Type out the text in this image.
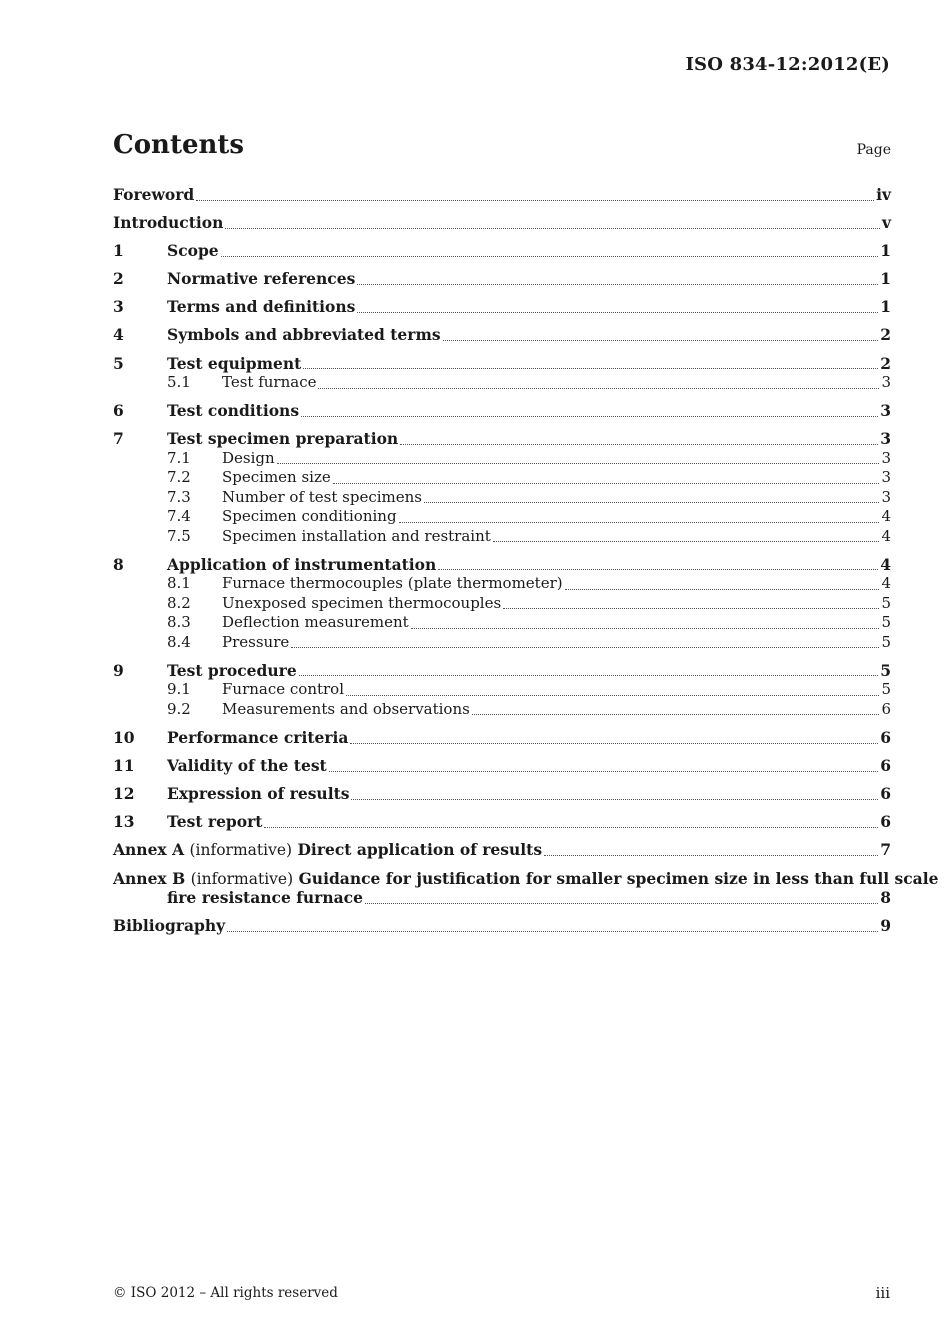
ISO 834-12:2012(E)
Contents	Page
Foreword	iv
Introduction	v
1	Scope	1
2	Normative references	1
3	Terms and definitions	1
4	Symbols and abbreviated terms	2
5	Test equipment	2
5.1	Test furnace	3
6	Test conditions	3
7	Test specimen preparation	3
7.1	Design	3
7.2	Specimen size	3
7.3	Number of test specimens	3
7.4	Specimen conditioning	4
7.5	Specimen installation and restraint	4
8	Application of instrumentation	4
8.1	Furnace thermocouples (plate thermometer)	4
8.2	Unexposed specimen thermocouples	5
8.3	Deflection measurement	5
8.4	Pressure	5
9	Test procedure	5
9.1	Furnace control	5
9.2	Measurements and observations	6
10	Performance criteria	6
11	Validity of the test	6
12	Expression of results	6
13	Test report	6
Annex A (informative) Direct application of results	7
Annex B (informative) Guidance for justification for smaller specimen size in less than full scale
fire resistance furnace	8
Bibliography	9
© ISO 2012 – All rights reserved	iii
